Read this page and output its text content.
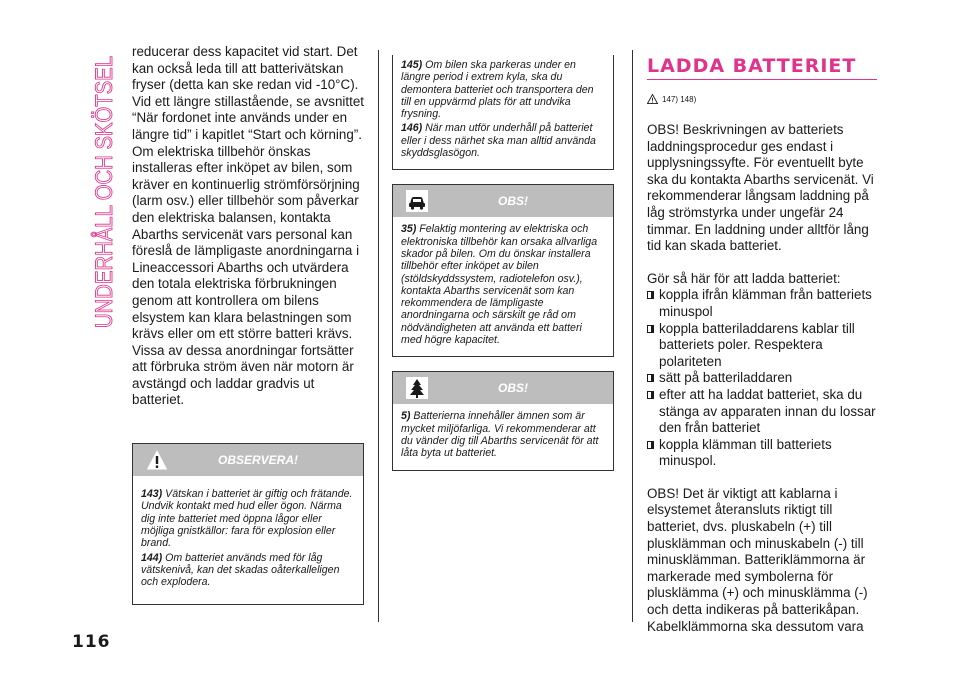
UNDERHÅLL OCH SKÖTSEL
116

reducerar dess kapacitet vid start. Det kan också leda till att batterivätskan fryser (detta kan ske redan vid -10°C). Vid ett längre stillastående, se avsnittet “När fordonet inte används under en längre tid” i kapitlet “Start och körning”. Om elektriska tillbehör önskas installeras efter inköpet av bilen, som kräver en kontinuerlig strömförsörjning (larm osv.) eller tillbehör som påverkar den elektriska balansen, kontakta Abarths servicenät vars personal kan föreslå de lämpligaste anordningarna i Lineaccessori Abarths och utvärdera den totala elektriska förbrukningen genom att kontrollera om bilens elsystem kan klara belastningen som krävs eller om ett större batteri krävs. Vissa av dessa anordningar fortsätter att förbruka ström även när motorn är avstängd och laddar gradvis ut batteriet.

OBSERVERA!

143) Vätskan i batteriet är giftig och frätande. Undvik kontakt med hud eller ögon. Närma dig inte batteriet med öppna lågor eller möjliga gnistkällor: fara för explosion eller brand.

144) Om batteriet används med för låg vätskenivå, kan det skadas oåterkalleligen och explodera.

145) Om bilen ska parkeras under en längre period i extrem kyla, ska du demontera batteriet och transportera den till en uppvärmd plats för att undvika frysning.

146) När man utför underhåll på batteriet eller i dess närhet ska man alltid använda skyddsglasögon.

OBS!

35) Felaktig montering av elektriska och elektroniska tillbehör kan orsaka allvarliga skador på bilen. Om du önskar installera tillbehör efter inköpet av bilen (stöldskyddssystem, radiotelefon osv.), kontakta Abarths servicenät som kan rekommendera de lämpligaste anordningarna och särskilt ge råd om nödvändigheten att använda ett batteri med högre kapacitet.

OBS!

5) Batterierna innehåller ämnen som är mycket miljöfarliga. Vi rekommenderar att du vänder dig till Abarths servicenät för att låta byta ut batteriet.

LADDA BATTERIET
147) 148)

OBS! Beskrivningen av batteriets laddningsprocedur ges endast i upplysningssyfte. För eventuellt byte ska du kontakta Abarths servicenät. Vi rekommenderar långsam laddning på låg strömstyrka under ungefär 24 timmar. En laddning under alltför lång tid kan skada batteriet.

Gör så här för att ladda batteriet:

koppla ifrån klämman från batteriets minuspol
koppla batteriladdarens kablar till batteriets poler. Respektera polariteten
sätt på batteriladdaren
efter att ha laddat batteriet, ska du stänga av apparaten innan du lossar den från batteriet
koppla klämman till batteriets minuspol.

OBS! Det är viktigt att kablarna i elsystemet återansluts riktigt till batteriet, dvs. pluskabeln (+) till plusklämman och minuskabeln (-) till minusklämman. Batteriklämmorna är markerade med symbolerna för plusklämma (+) och minusklämma (-) och detta indikeras på batterikåpan. Kabelklämmorna ska dessutom vara
